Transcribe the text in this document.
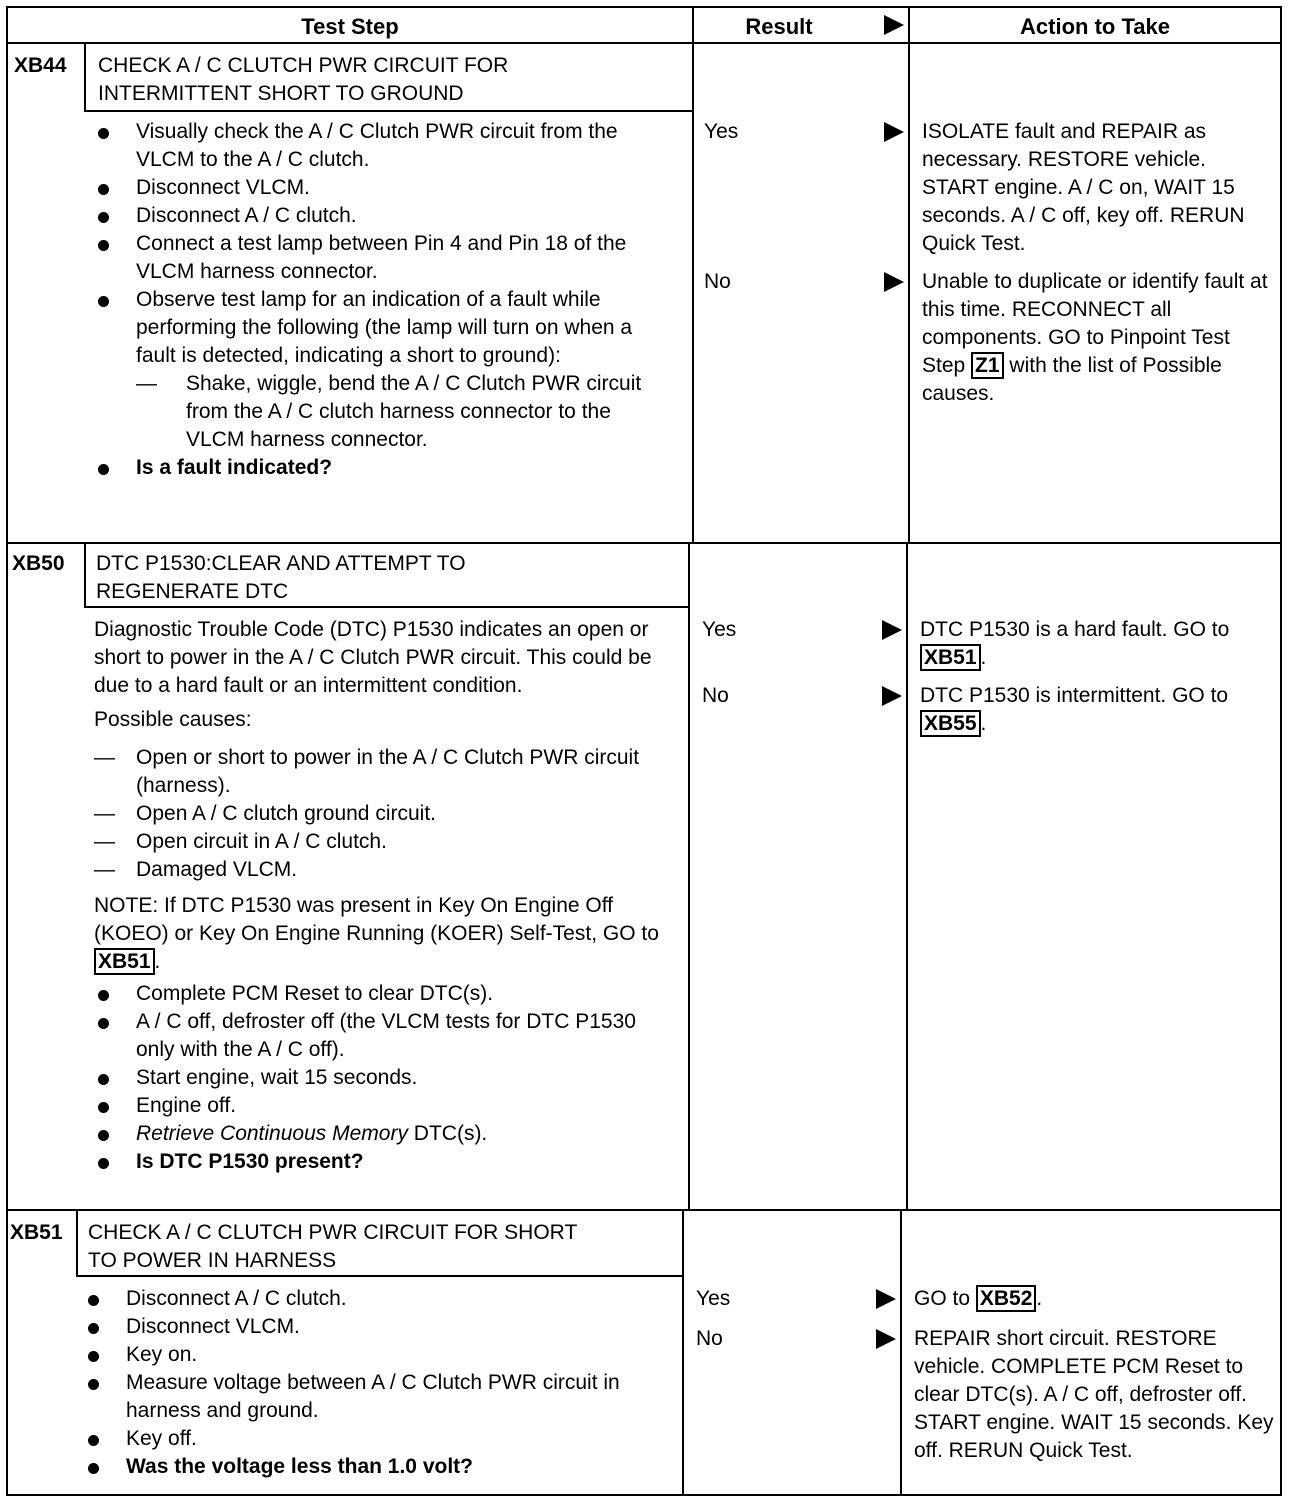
Test Step	Result	Action to Take
XB44 CHECK A / C CLUTCH PWR CIRCUIT FOR

INTERMITTENT SHORT TO GROUND

Visually check the A / C Clutch PWR circuit from the VLCM to the A / C clutch.
Disconnect VLCM.
Disconnect A / C clutch.
Connect a test lamp between Pin 4 and Pin 18 of the VLCM harness connector.
Observe test lamp for an indication of a fault while performing the following (the lamp will turn on when a fault is detected, indicating a short to ground):
— Shake, wiggle, bend the A / C Clutch PWR circuit from the A / C clutch harness connector to the VLCM harness connector.
Is a fault indicated?
Yes
No
ISOLATE fault and REPAIR as necessary. RESTORE vehicle. START engine. A / C on, WAIT 15 seconds. A / C off, key off. RERUN Quick Test.
Unable to duplicate or identify fault at this time. RECONNECT all components. GO to Pinpoint Test Step Z1 with the list of Possible causes.
XB50 DTC P1530:CLEAR AND ATTEMPT TO

REGENERATE DTC

Diagnostic Trouble Code (DTC) P1530 indicates an open or short to power in the A / C Clutch PWR circuit. This could be due to a hard fault or an intermittent condition.

Possible causes:

— Open or short to power in the A / C Clutch PWR circuit (harness).
— Open A / C clutch ground circuit.
— Open circuit in A / C clutch.
— Damaged VLCM.

NOTE: If DTC P1530 was present in Key On Engine Off (KOEO) or Key On Engine Running (KOER) Self-Test, GO to XB51 .

Complete PCM Reset to clear DTC(s).
A / C off, defroster off (the VLCM tests for DTC P1530 only with the A / C off).
Start engine, wait 15 seconds.
Engine off.
Retrieve Continuous Memory DTC(s).
Is DTC P1530 present?
Yes
No
DTC P1530 is a hard fault. GO to XB51 .
DTC P1530 is intermittent. GO to XB55 .
XB51 CHECK A / C CLUTCH PWR CIRCUIT FOR SHORT

TO POWER IN HARNESS

Disconnect A / C clutch.
Disconnect VLCM.
Key on.
Measure voltage between A / C Clutch PWR circuit in harness and ground.
Key off.
Was the voltage less than 1.0 volt?
Yes
No
GO to XB52 .
REPAIR short circuit. RESTORE vehicle. COMPLETE PCM Reset to clear DTC(s). A / C off, defroster off. START engine. WAIT 15 seconds. Key off. RERUN Quick Test.
